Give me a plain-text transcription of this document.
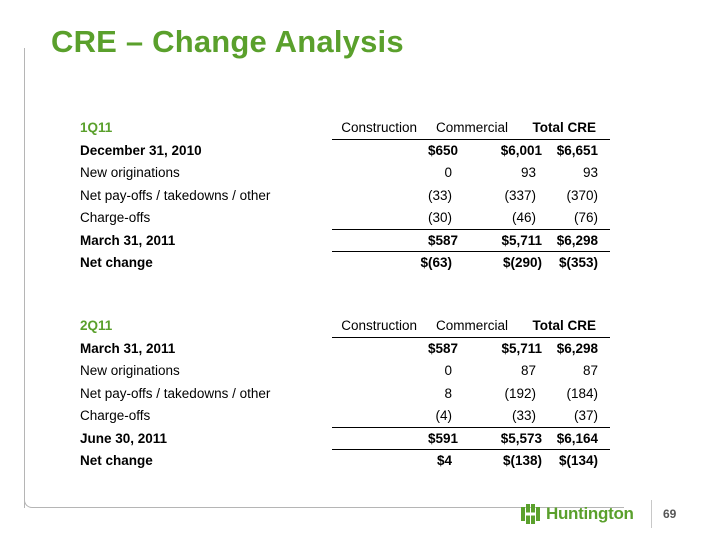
CRE – Change Analysis
1Q11	Construction Commercial Total CRE
December 31, 2010	$650	$6,001 $6,651
New originations	0	93	93
Net pay-offs / takedowns / other	(33)	(337) (370)
Charge-offs	(30)	(46)	(76)
March 31, 2011	$587	$5,711 $6,298
Net change	$(63)	$(290) $(353)
2Q11	Construction Commercial Total CRE
March 31, 2011	$587	$5,711 $6,298
New originations	0	87	87
Net pay-offs / takedowns / other	8	(192) (184)
Charge-offs	(4)	(33)	(37)
June 30, 2011	$591	$5,573 $6,164
Net change	$4	$(138) $(134)
Huntington 69
